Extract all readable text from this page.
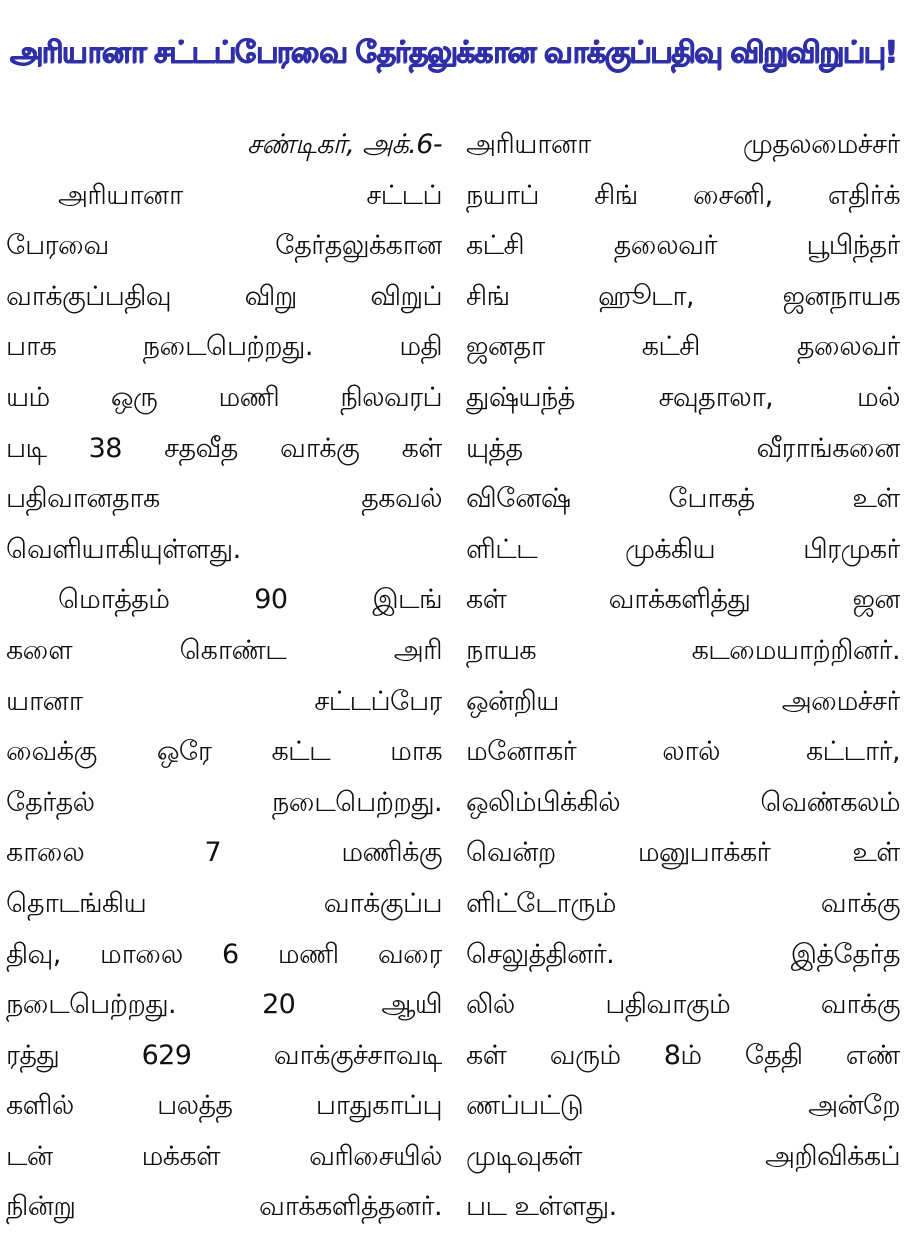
அரியானா சட்டப்பேரவை தேர்தலுக்கான வாக்குப்பதிவு விறுவிறுப்பு!
சண்டிகர், அக்.6-
அரியானா சட்டப்
பேரவை தேர்தலுக்கான
வாக்குப்பதிவு விறு விறுப்
பாக நடைபெற்றது. மதி
யம் ஒரு மணி நிலவரப்
படி 38 சதவீத வாக்கு கள்
பதிவானதாக தகவல்
வெளியாகியுள்ளது.
மொத்தம் 90 இடங்
களை கொண்ட அரி
யானா சட்டப்பேர
வைக்கு ஒரே கட்ட மாக
தேர்தல் நடைபெற்றது.
காலை 7 மணிக்கு
தொடங்கிய வாக்குப்ப
திவு, மாலை 6 மணி வரை
நடைபெற்றது. 20 ஆயி
ரத்து 629 வாக்குச்சாவடி
களில் பலத்த பாதுகாப்பு
டன் மக்கள் வரிசையில்
நின்று வாக்களித்தனர்.
அரியானா முதலமைச்சர்
நயாப் சிங் சைனி, எதிர்க்
கட்சி தலைவர் பூபிந்தர்
சிங் ஹூடா, ஜனநாயக
ஜனதா கட்சி தலைவர்
துஷ்யந்த் சவுதாலா, மல்
யுத்த வீராங்கனை
வினேஷ் போகத் உள்
ளிட்ட முக்கிய பிரமுகர்
கள் வாக்களித்து ஜன
நாயக கடமையாற்றினர்.
ஒன்றிய அமைச்சர்
மனோகர் லால் கட்டார்,
ஒலிம்பிக்கில் வெண்கலம்
வென்ற மனுபாக்கர் உள்
ளிட்டோரும் வாக்கு
செலுத்தினர். இத்தேர்த
லில் பதிவாகும் வாக்கு
கள் வரும் 8ம் தேதி எண்
ணப்பட்டு அன்றே
முடிவுகள் அறிவிக்கப்
பட உள்ளது.
